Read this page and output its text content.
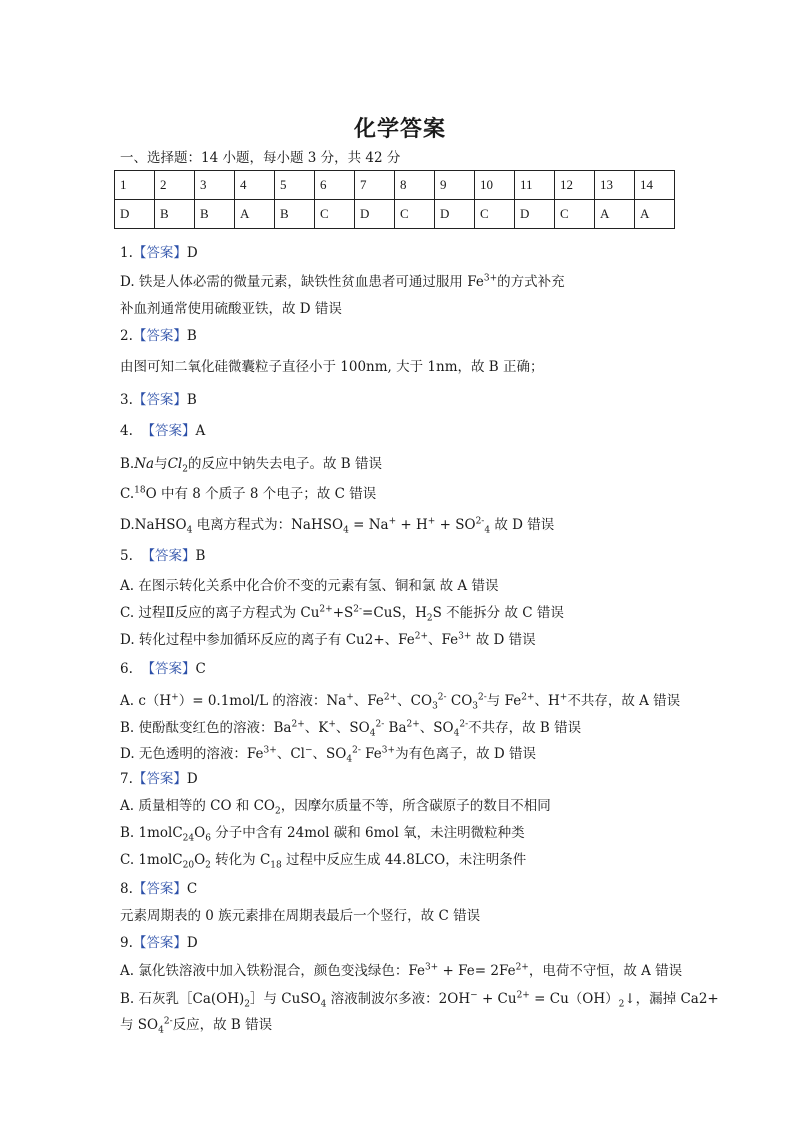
化学答案
一、选择题：14 小题，每小题 3 分，共 42 分
1	2	3	4	5	6	7	8	9	10	11	12	13	14
D	B	B	A	B	C	D	C	D	C	D	C	A	A
1.【答案】D
D. 铁是人体必需的微量元素，缺铁性贫血患者可通过服用 $Fe^{3+}$的方式补充
补血剂通常使用硫酸亚铁，故 D 错误
2.【答案】B
由图可知二氧化硅微囊粒子直径小于 100nm, 大于 1nm，故 B 正确；
3.【答案】B
4. 【答案】A
B.Na与$Cl_2$的反应中钠失去电子。故 B 错误
C.$^{18}$O 中有 8 个质子 8 个电子；故 C 错误
D.NaHSO$_4$ 电离方程式为：NaHSO$_4$ = $Na^+ + H^+ + SO^{2-}_4$ 故 D 错误
5. 【答案】B
A. 在图示转化关系中化合价不变的元素有氢、铜和氯 故 A 错误
C. 过程Ⅱ反应的离子方程式为 $Cu^{2+}+S^{2-}=CuS$，$H_2S$ 不能拆分 故 C 错误
D. 转化过程中参加循环反应的离子有 Cu2+、$Fe^{2+}$、$Fe^{3+}$ 故 D 错误
6. 【答案】C
A. c（H+）= 0.1mol/L 的溶液：Na+、$Fe^{2+}$、$CO_3^{2-}$ $CO_3^{2-}$与 $Fe^{2+}$、H+不共存，故 A 错误
B. 使酚酞变红色的溶液：$Ba^{2+}$、K+、$SO_4^{2-}$ $Ba^{2+}$、$SO_4^{2-}$不共存，故 B 错误
D. 无色透明的溶液：$Fe^{3+}$、Cl−、$SO_4^{2-}$ $Fe^{3+}$为有色离子，故 D 错误
7.【答案】D
A. 质量相等的 CO 和 $CO_2$，因摩尔质量不等，所含碳原子的数目不相同
B. $1molC_{24}O_6$ 分子中含有 24mol 碳和 6mol 氧，未注明微粒种类
C. $1molC_{20}O_2$ 转化为 $C_{18}$ 过程中反应生成 44.8LCO，未注明条件
8.【答案】C
元素周期表的 0 族元素排在周期表最后一个竖行，故 C 错误
9.【答案】D
A. 氯化铁溶液中加入铁粉混合，颜色变浅绿色：$Fe^{3+} + Fe= 2Fe^{2+}$，电荷不守恒，故 A 错误
B. 石灰乳$[Ca(OH)_2]$与 CuSO$_4$ 溶液制波尔多液：$2OH^- + Cu^{2+}$ = $Cu(OH)_2↓$，漏掉 Ca2+
与 $SO_4^{2-}$反应，故 B 错误
